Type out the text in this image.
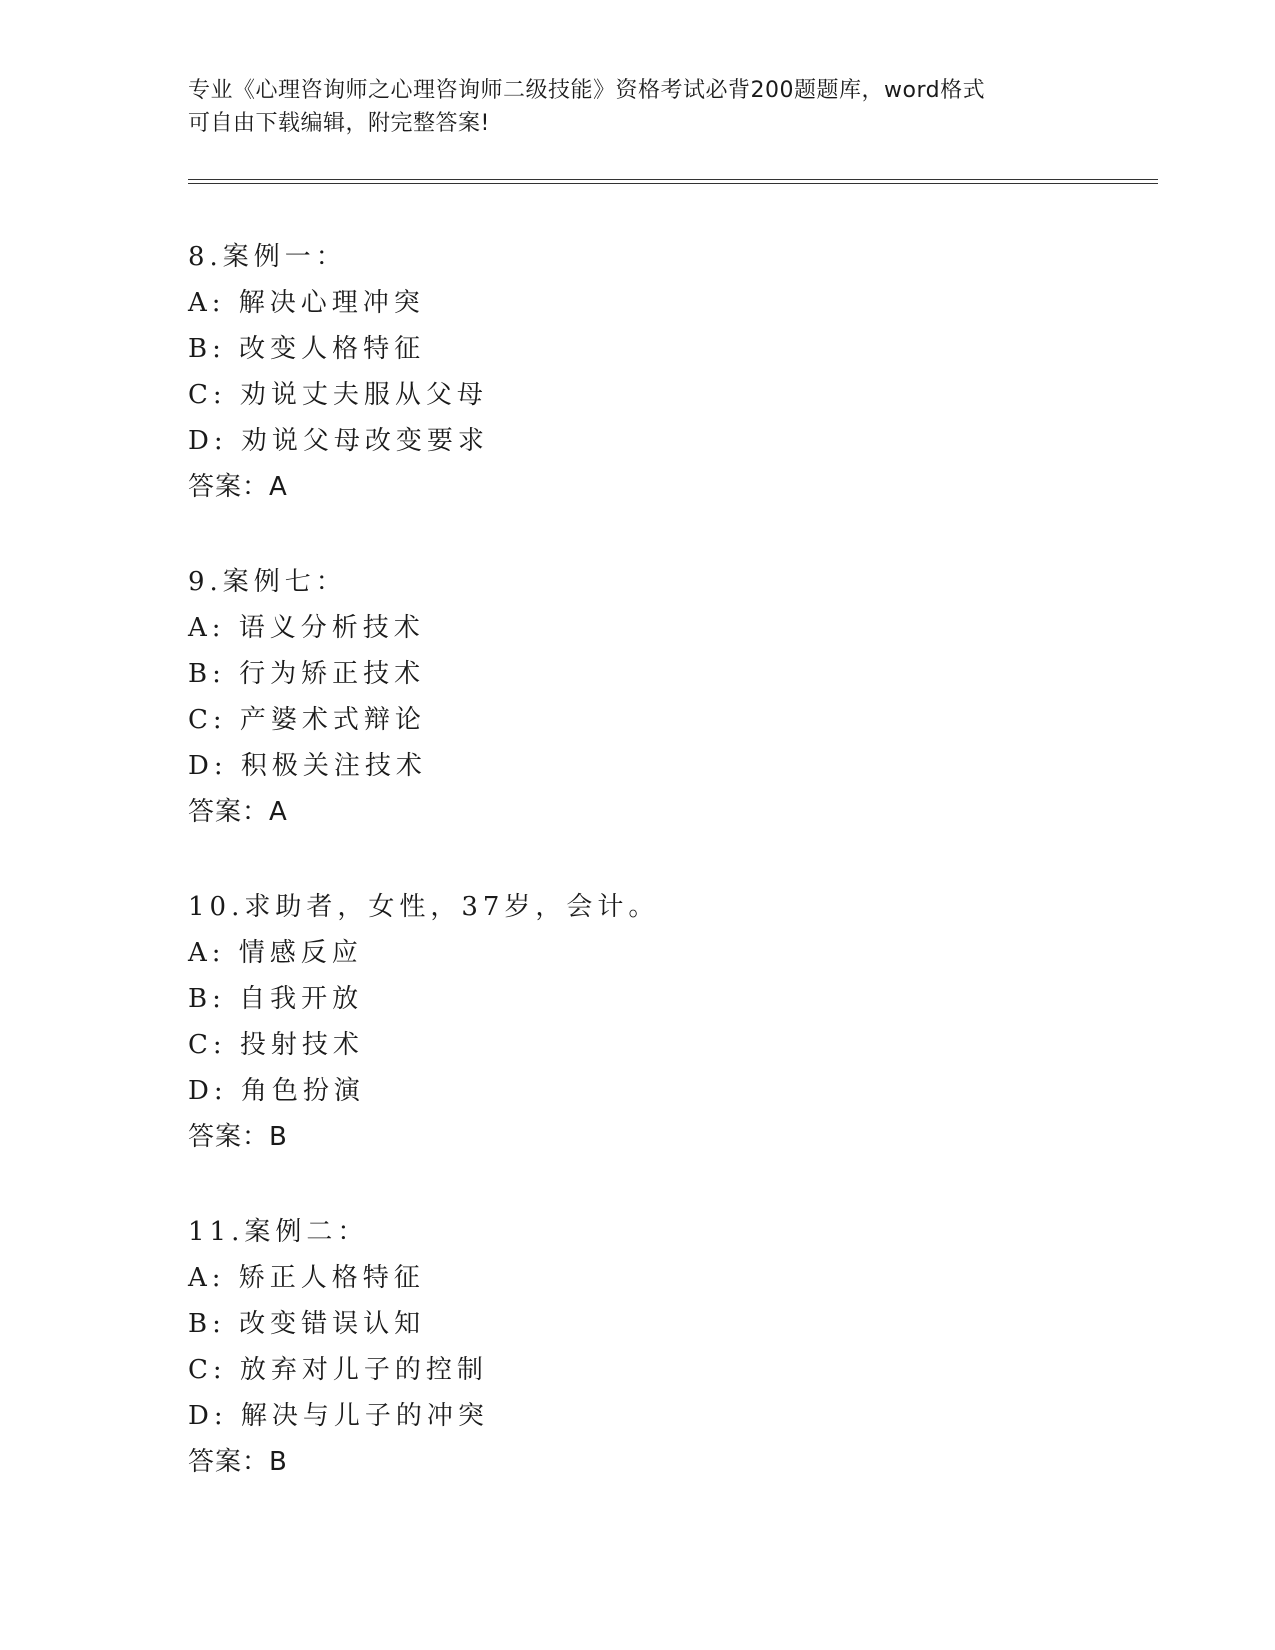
专业《心理咨询师之心理咨询师二级技能》资格考试必背200题题库，word格式
可自由下载编辑，附完整答案!
8.案例一：
A: 解决心理冲突
B: 改变人格特征
C: 劝说丈夫服从父母
D: 劝说父母改变要求
答案：A
9.案例七：
A: 语义分析技术
B: 行为矫正技术
C: 产婆术式辩论
D: 积极关注技术
答案：A
10.求助者，女性，37岁，会计。
A: 情感反应
B: 自我开放
C: 投射技术
D: 角色扮演
答案：B
11.案例二：
A: 矫正人格特征
B: 改变错误认知
C: 放弃对儿子的控制
D: 解决与儿子的冲突
答案：B
